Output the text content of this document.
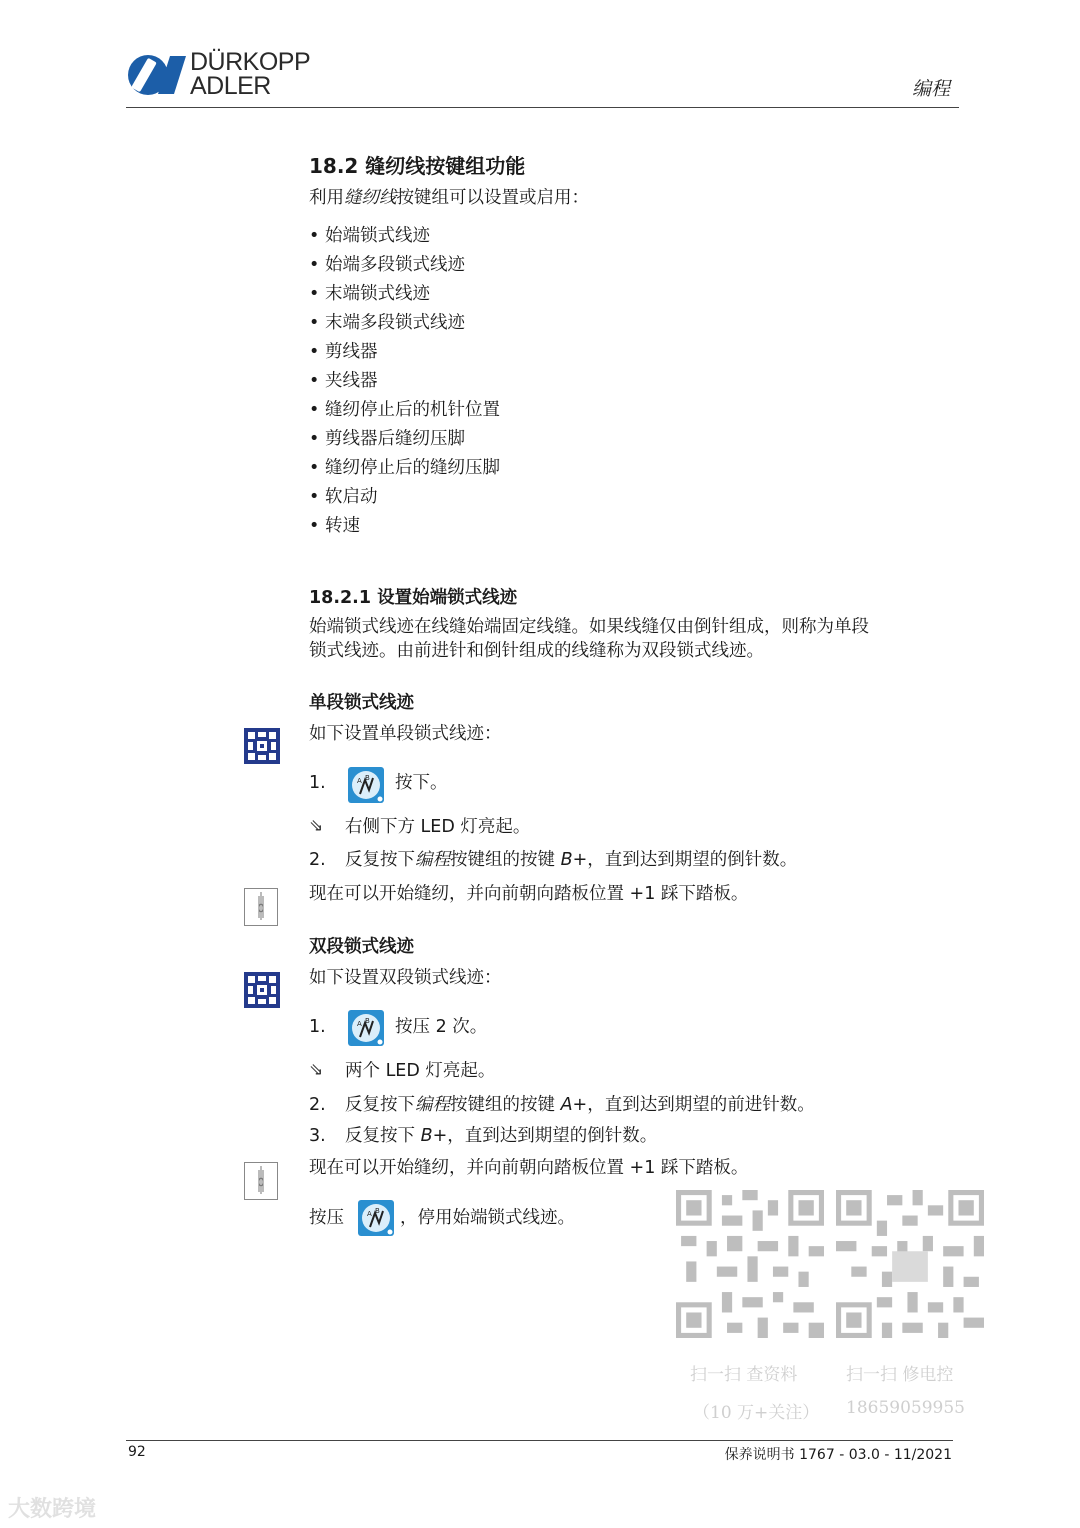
DÜRKOPP
ADLER	编程
18.2 缝纫线按键组功能
利用缝纫线按键组可以设置或启用：
• 始端锁式线迹
• 始端多段锁式线迹
• 末端锁式线迹
• 末端多段锁式线迹
• 剪线器
• 夹线器
• 缝纫停止后的机针位置
• 剪线器后缝纫压脚
• 缝纫停止后的缝纫压脚
• 软启动
• 转速
18.2.1 设置始端锁式线迹
始端锁式线迹在线缝始端固定线缝。如果线缝仅由倒针组成，则称为单段
锁式线迹。由前进针和倒针组成的线缝称为双段锁式线迹。
单段锁式线迹
如下设置单段锁式线迹：
1.	A B 按下。
⇘ 右侧下方 LED 灯亮起。
2. 反复按下编程按键组的按键 B+，直到达到期望的倒针数。
现在可以开始缝纫，并向前朝向踏板位置 +1 踩下踏板。
双段锁式线迹
如下设置双段锁式线迹：
1.	A B 按压 2 次。
⇘ 两个 LED 灯亮起。
2. 反复按下编程按键组的按键 A+，直到达到期望的前进针数。
3. 反复按下 B+，直到达到期望的倒针数。
现在可以开始缝纫，并向前朝向踏板位置 +1 踩下踏板。
按压	A B ，停用始端锁式线迹。
扫一扫 查资料
（10 万+关注）
扫一扫 修电控
18659059955
92	保养说明书 1767 - 03.0 - 11/2021
大数跨境
